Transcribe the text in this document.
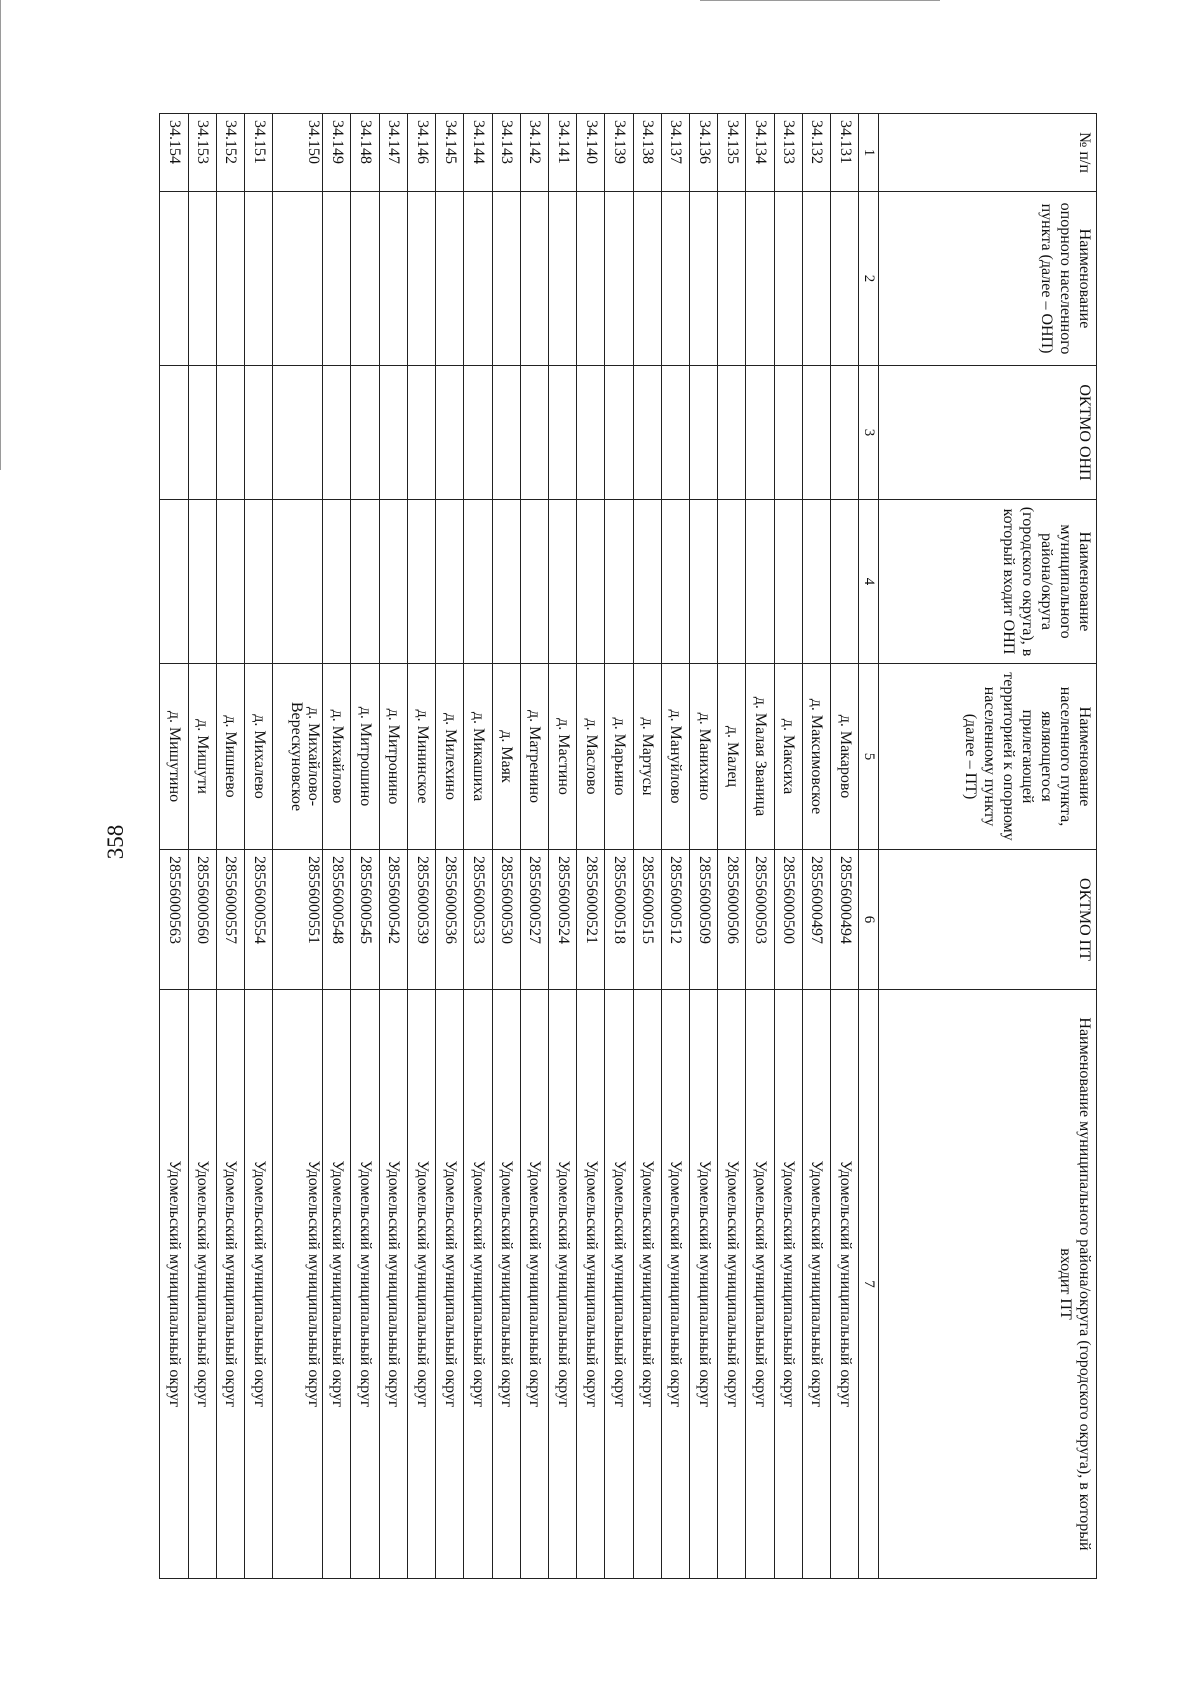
358
№ п/п	Наименование опорного населенного пункта (далее – ОНП)	ОКТМО ОНП	Наименование муниципального района/округа (городского округа), в который входит ОНП	Наименование населенного пункта, являющегося прилегающей территорией к опорному населенному пункту (далее – ПТ)	ОКТМО ПТ	Наименование муниципального района/округа (городского округа), в который входит ПТ
1	2	3	4	5	6	7
34.131				д. Макарово	28556000494	Удомельский муниципальный округ
34.132				д. Максимовское	28556000497	Удомельский муниципальный округ
34.133				д. Максиха	28556000500	Удомельский муниципальный округ
34.134				д. Малая Звaница	28556000503	Удомельский муниципальный округ
34.135				д. Малец	28556000506	Удомельский муниципальный округ
34.136				д. Манихино	28556000509	Удомельский муниципальный округ
34.137				д. Мануйлово	28556000512	Удомельский муниципальный округ
34.138				д. Мартусы	28556000515	Удомельский муниципальный округ
34.139				д. Марьино	28556000518	Удомельский муниципальный округ
34.140				д. Маслово	28556000521	Удомельский муниципальный округ
34.141				д. Мастино	28556000524	Удомельский муниципальный округ
34.142				д. Матренино	28556000527	Удомельский муниципальный округ
34.143				д. Маяк	28556000530	Удомельский муниципальный округ
34.144				д. Микашиха	28556000533	Удомельский муниципальный округ
34.145				д. Милехино	28556000536	Удомельский муниципальный округ
34.146				д. Мининское	28556000539	Удомельский муниципальный округ
34.147				д. Митронино	28556000542	Удомельский муниципальный округ
34.148				д. Митрошино	28556000545	Удомельский муниципальный округ
34.149				д. Михайлово	28556000548	Удомельский муниципальный округ
34.150				д. Михайлово-Верескуновское	28556000551	Удомельский муниципальный округ
34.151				д. Михалево	28556000554	Удомельский муниципальный округ
34.152				д. Мишнево	28556000557	Удомельский муниципальный округ
34.153				д. Мишути	28556000560	Удомельский муниципальный округ
34.154				д. Мишутино	28556000563	Удомельский муниципальный округ
